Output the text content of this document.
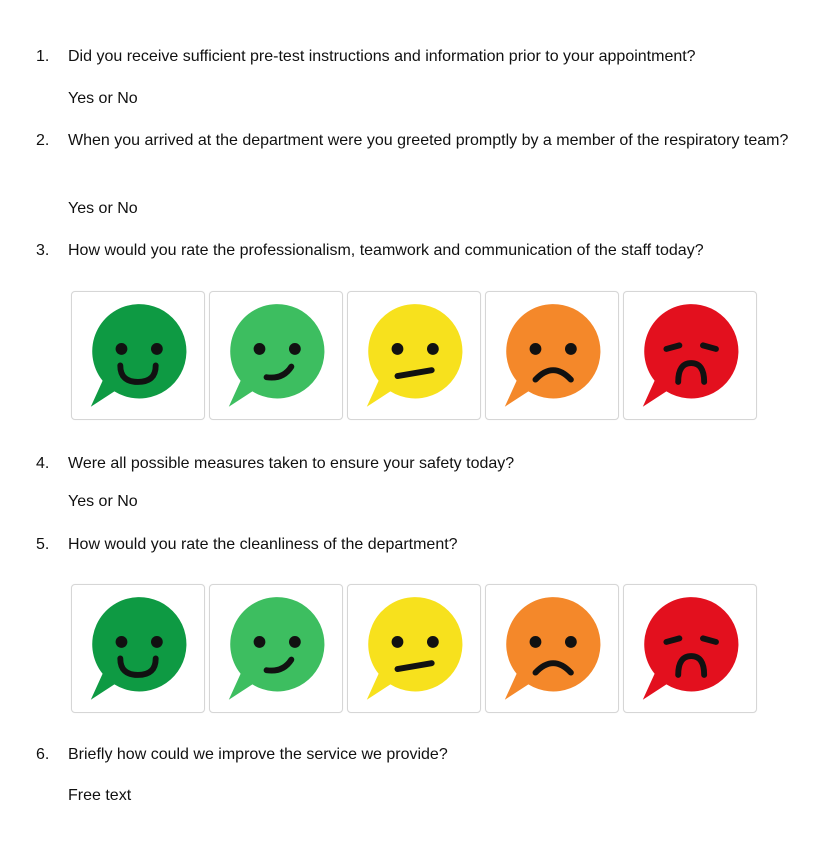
1.	Did you receive sufficient pre-test instructions and information prior to your appointment?
Yes or No
2.	When you arrived at the department were you greeted promptly by a member of the respiratory team?
Yes or No
3.	How would you rate the professionalism, teamwork and communication of the staff today?
4.	Were all possible measures taken to ensure your safety today?
Yes or No
5.	How would you rate the cleanliness of the department?
6.	Briefly how could we improve the service we provide?
Free text
